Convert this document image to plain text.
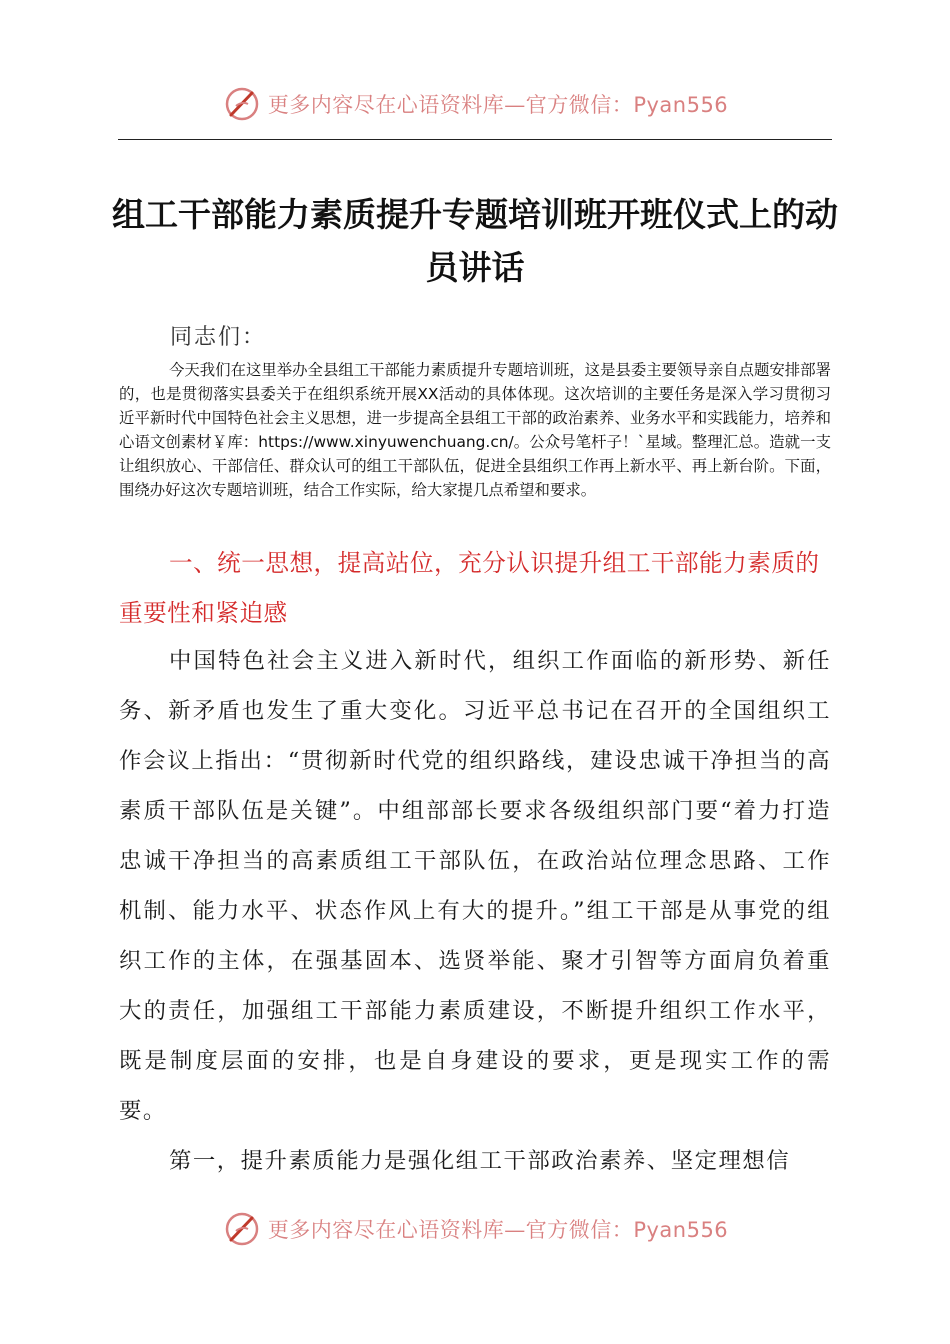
更多内容尽在心语资料库—官方微信：Pyan556
组工干部能力素质提升专题培训班开班仪式上的动员讲话
同志们：
今天我们在这里举办全县组工干部能力素质提升专题培训班，这是县委主要领导亲自点题安排部署的，也是贯彻落实县委关于在组织系统开展XX活动的具体体现。这次培训的主要任务是深入学习贯彻习近平新时代中国特色社会主义思想，进一步提高全县组工干部的政治素养、业务水平和实践能力，培养和心语文创素材￥库：https://www.xinyuwenchuang.cn/。公众号笔杆子！`星域。整理汇总。造就一支让组织放心、干部信任、群众认可的组工干部队伍，促进全县组织工作再上新水平、再上新台阶。下面，围绕办好这次专题培训班，结合工作实际，给大家提几点希望和要求。
一、统一思想，提高站位，充分认识提升组工干部能力素质的重要性和紧迫感

中国特色社会主义进入新时代，组织工作面临的新形势、新任务、新矛盾也发生了重大变化。习近平总书记在召开的全国组织工作会议上指出：“贯彻新时代党的组织路线，建设忠诚干净担当的高素质干部队伍是关键”。中组部部长要求各级组织部门要“着力打造忠诚干净担当的高素质组工干部队伍，在政治站位理念思路、工作机制、能力水平、状态作风上有大的提升。”组工干部是从事党的组织工作的主体，在强基固本、选贤举能、聚才引智等方面肩负着重大的责任，加强组工干部能力素质建设，不断提升组织工作水平，既是制度层面的安排，也是自身建设的要求，更是现实工作的需要。

第一，提升素质能力是强化组工干部政治素养、坚定理想信

更多内容尽在心语资料库—官方微信：Pyan556
